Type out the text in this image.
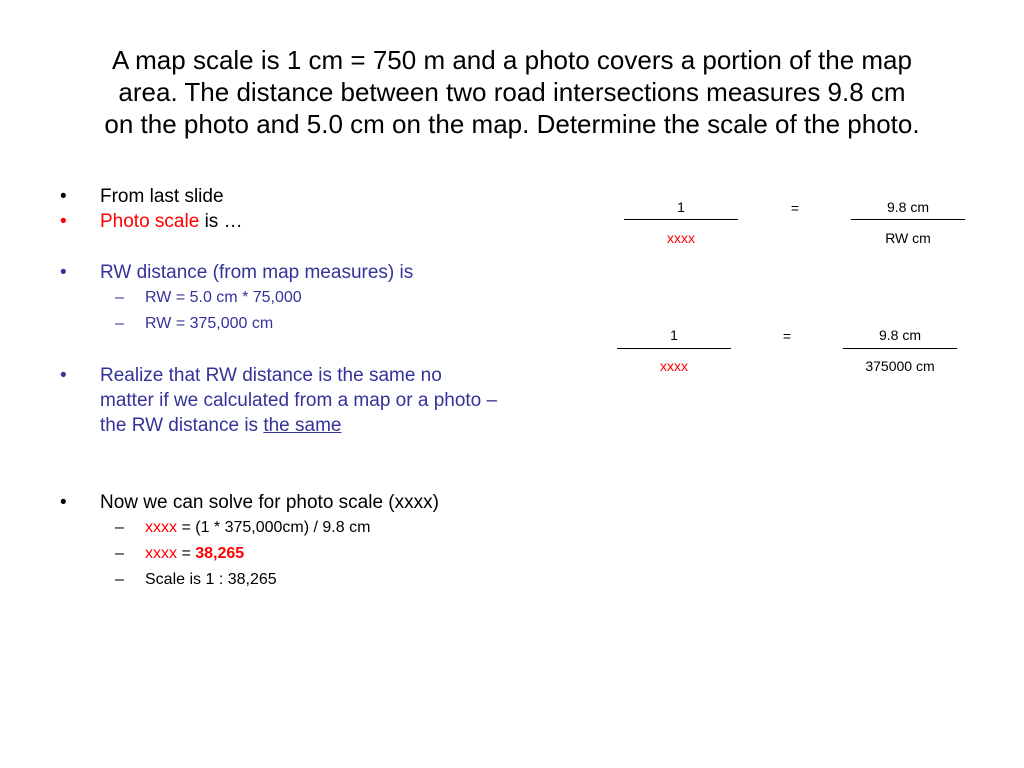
A map scale is 1 cm = 750 m and a photo covers a portion of the map
area. The distance between two road intersections measures 9.8 cm
on the photo and 5.0 cm on the map. Determine the scale of the photo.
• From last slide
• Photo scale is …
• RW distance (from map measures) is
– RW = 5.0 cm * 75,000
– RW = 375,000 cm
• Realize that RW distance is the same no matter if we calculated from a map or a photo – the RW distance is the same
• Now we can solve for photo scale (xxxx)
– xxxx = (1 * 375,000cm) / 9.8 cm
– xxxx = 38,265
– Scale is 1 : 38,265
1
xxxx
=	9.8 cm
RW cm
1
xxxx
=	9.8 cm
375000 cm
